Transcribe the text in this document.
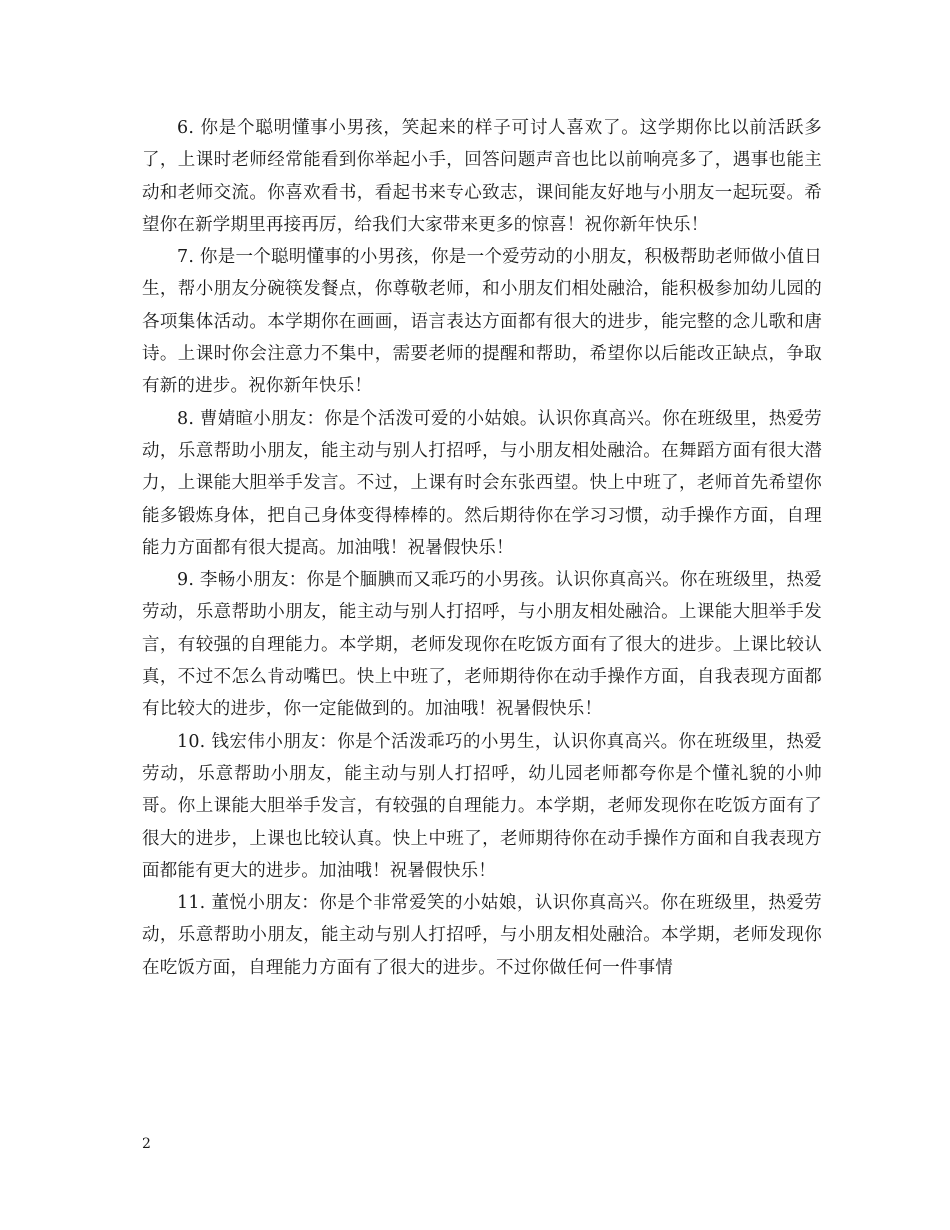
6. 你是个聪明懂事小男孩，笑起来的样子可讨人喜欢了。这学期你比以前活跃多了，上课时老师经常能看到你举起小手，回答问题声音也比以前响亮多了，遇事也能主动和老师交流。你喜欢看书，看起书来专心致志，课间能友好地与小朋友一起玩耍。希望你在新学期里再接再厉，给我们大家带来更多的惊喜！祝你新年快乐！

7. 你是一个聪明懂事的小男孩，你是一个爱劳动的小朋友，积极帮助老师做小值日生，帮小朋友分碗筷发餐点，你尊敬老师，和小朋友们相处融洽，能积极参加幼儿园的各项集体活动。本学期你在画画，语言表达方面都有很大的进步，能完整的念儿歌和唐诗。上课时你会注意力不集中，需要老师的提醒和帮助，希望你以后能改正缺点，争取有新的进步。祝你新年快乐！

8. 曹婧暄小朋友：你是个活泼可爱的小姑娘。认识你真高兴。你在班级里，热爱劳动，乐意帮助小朋友，能主动与别人打招呼，与小朋友相处融洽。在舞蹈方面有很大潜力，上课能大胆举手发言。不过，上课有时会东张西望。快上中班了，老师首先希望你能多锻炼身体，把自己身体变得棒棒的。然后期待你在学习习惯，动手操作方面，自理能力方面都有很大提高。加油哦！祝暑假快乐！

9. 李畅小朋友：你是个腼腆而又乖巧的小男孩。认识你真高兴。你在班级里，热爱劳动，乐意帮助小朋友，能主动与别人打招呼，与小朋友相处融洽。上课能大胆举手发言，有较强的自理能力。本学期，老师发现你在吃饭方面有了很大的进步。上课比较认真，不过不怎么肯动嘴巴。快上中班了，老师期待你在动手操作方面，自我表现方面都有比较大的进步，你一定能做到的。加油哦！祝暑假快乐！

10. 钱宏伟小朋友：你是个活泼乖巧的小男生，认识你真高兴。你在班级里，热爱劳动，乐意帮助小朋友，能主动与别人打招呼，幼儿园老师都夸你是个懂礼貌的小帅哥。你上课能大胆举手发言，有较强的自理能力。本学期，老师发现你在吃饭方面有了很大的进步，上课也比较认真。快上中班了，老师期待你在动手操作方面和自我表现方面都能有更大的进步。加油哦！祝暑假快乐！

11. 董悦小朋友：你是个非常爱笑的小姑娘，认识你真高兴。你在班级里，热爱劳动，乐意帮助小朋友，能主动与别人打招呼，与小朋友相处融洽。本学期，老师发现你在吃饭方面，自理能力方面有了很大的进步。不过你做任何一件事情

2
